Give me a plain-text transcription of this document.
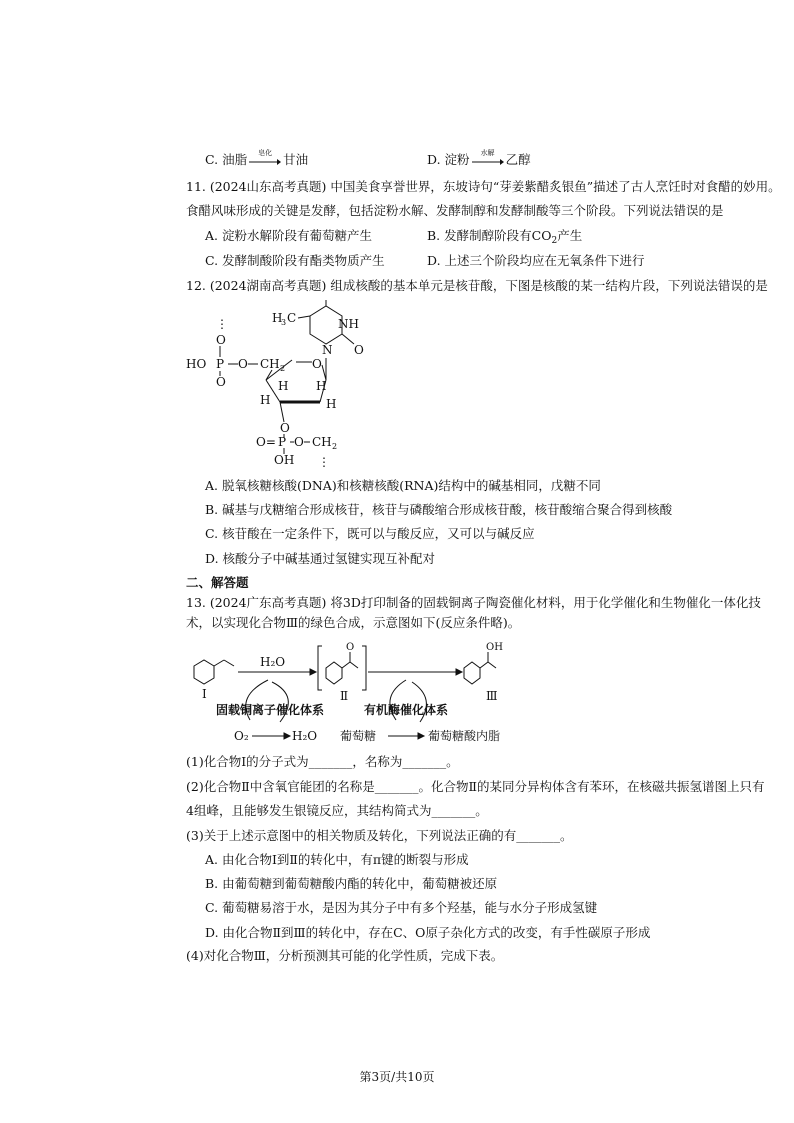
C. 油脂	皂化 甘油	D. 淀粉	水解 乙醇
11. (2024山东高考真题) 中国美食享誉世界，东坡诗句“芽姜紫醋炙银鱼”描述了古人烹饪时对食醋的妙用。
食醋风味形成的关键是发酵，包括淀粉水解、发酵制醇和发酵制酸等三个阶段。下列说法错误的是
A. 淀粉水解阶段有葡萄糖产生	B. 发酵制醇阶段有$CO_2$产生
C. 发酵制酸阶段有酯类物质产生	D. 上述三个阶段均应在无氧条件下进行
12. (2024湖南高考真题) 组成核酸的基本单元是核苷酸，下图是核酸的某一结构片段，下列说法错误的是
⋮
O
HO P
O
O CH 2 O
H H
H	H
H
3 C	NH
N O
O
O= P O CH 2
OH ⋮
A. 脱氧核糖核酸(DNA)和核糖核酸(RNA)结构中的碱基相同，戊糖不同
B. 碱基与戊糖缩合形成核苷，核苷与磷酸缩合形成核苷酸，核苷酸缩合聚合得到核酸
C. 核苷酸在一定条件下，既可以与酸反应，又可以与碱反应
D. 核酸分子中碱基通过氢键实现互补配对
二、解答题
13. (2024广东高考真题) 将3D打印制备的固载铜离子陶瓷催化材料，用于化学催化和生物催化一体化技
术，以实现化合物Ⅲ的绿色合成，示意图如下(反应条件略)。
H₂O
Ⅰ	Ⅱ	Ⅲ
O	OH
固载铜离子催化体系	有机酶催化体系
O₂	H₂O 葡萄糖	葡萄糖酸内脂
(1)化合物Ⅰ的分子式为_______，名称为_______。
(2)化合物Ⅱ中含氧官能团的名称是_______。化合物Ⅱ的某同分异构体含有苯环，在核磁共振氢谱图上只有
4组峰，且能够发生银镜反应，其结构简式为_______。
(3)关于上述示意图中的相关物质及转化，下列说法正确的有_______。
A. 由化合物Ⅰ到Ⅱ的转化中，有π键的断裂与形成
B. 由葡萄糖到葡萄糖酸内酯的转化中，葡萄糖被还原
C. 葡萄糖易溶于水，是因为其分子中有多个羟基，能与水分子形成氢键
D. 由化合物Ⅱ到Ⅲ的转化中，存在C、O原子杂化方式的改变，有手性碳原子形成
(4)对化合物Ⅲ，分析预测其可能的化学性质，完成下表。
第3页/共10页
